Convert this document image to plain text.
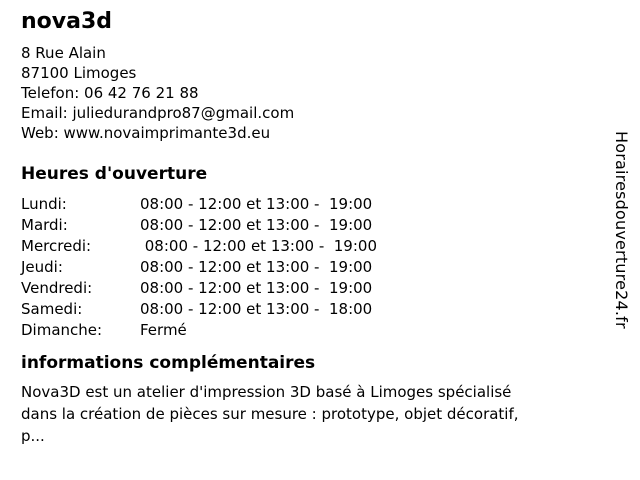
nova3d
8 Rue Alain
87100 Limoges
Telefon: 06 42 76 21 88
Email: juliedurandpro87@gmail.com
Web: www.novaimprimante3d.eu
Heures d'ouverture
Lundi:	08:00 - 12:00 et 13:00 -  19:00
Mardi:	08:00 - 12:00 et 13:00 -  19:00
Mercredi:	08:00 - 12:00 et 13:00 -  19:00
Jeudi:	08:00 - 12:00 et 13:00 -  19:00
Vendredi:	08:00 - 12:00 et 13:00 -  19:00
Samedi:	08:00 - 12:00 et 13:00 -  18:00
Dimanche:	Fermé
informations complémentaires

Nova3D est un atelier d'impression 3D basé à Limoges spécialisé dans la création de pièces sur mesure : prototype, objet décoratif, p...

Horairesdouverture24.fr
